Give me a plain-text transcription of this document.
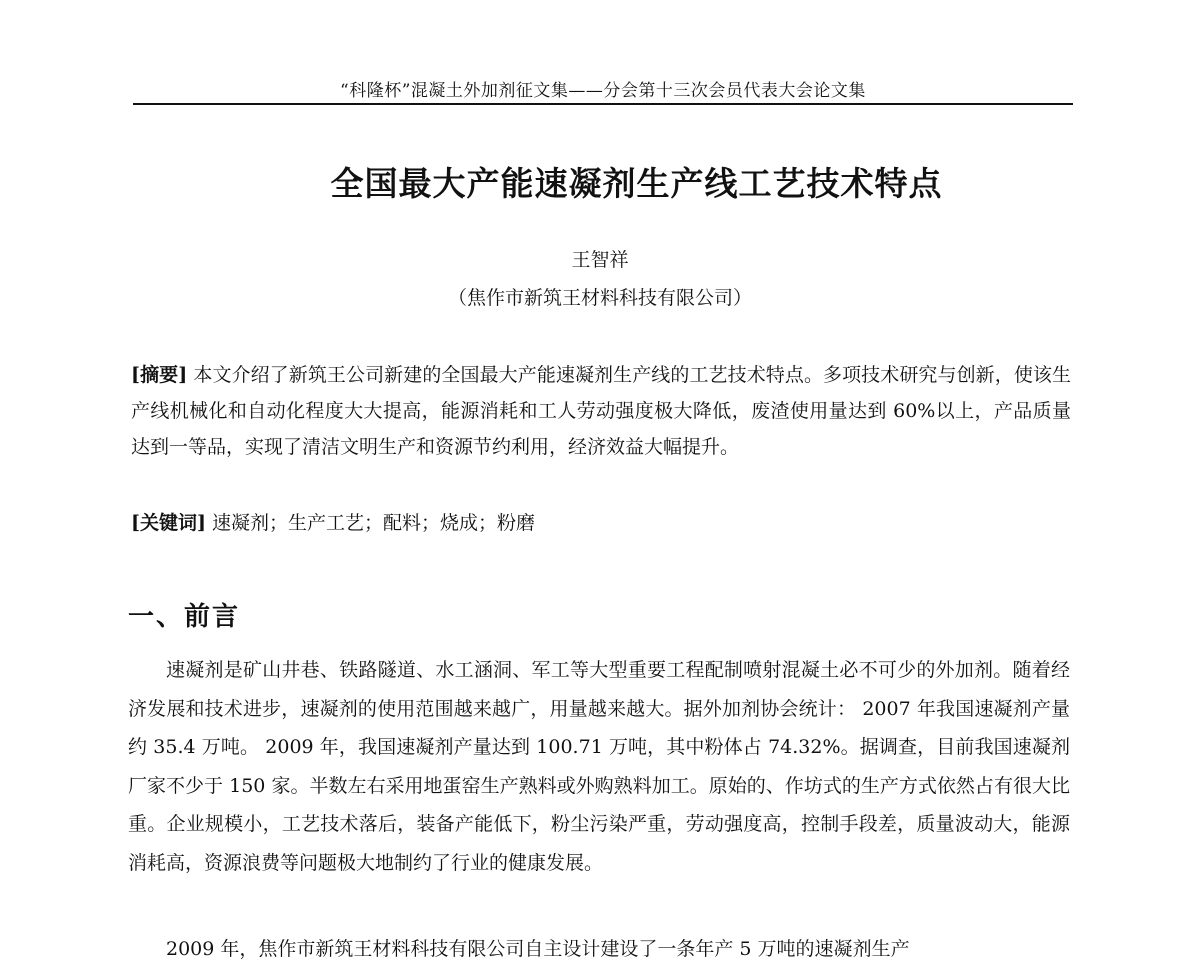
“科隆杯”混凝土外加剂征文集——分会第十三次会员代表大会论文集
全国最大产能速凝剂生产线工艺技术特点
王智祥
（焦作市新筑王材料科技有限公司）
[摘要] 本文介绍了新筑王公司新建的全国最大产能速凝剂生产线的工艺技术特点。多项技术研究与创新，使该生产线机械化和自动化程度大大提高，能源消耗和工人劳动强度极大降低，废渣使用量达到 60%以上，产品质量达到一等品，实现了清洁文明生产和资源节约利用，经济效益大幅提升。
[关键词] 速凝剂；生产工艺；配料；烧成；粉磨
一、前言
速凝剂是矿山井巷、铁路隧道、水工涵洞、军工等大型重要工程配制喷射混凝土必不可少的外加剂。随着经济发展和技术进步，速凝剂的使用范围越来越广，用量越来越大。据外加剂协会统计： 2007 年我国速凝剂产量约 35.4 万吨。 2009 年，我国速凝剂产量达到 100.71 万吨，其中粉体占 74.32%。据调查，目前我国速凝剂厂家不少于 150 家。半数左右采用地蛋窑生产熟料或外购熟料加工。原始的、作坊式的生产方式依然占有很大比重。企业规模小，工艺技术落后，装备产能低下，粉尘污染严重，劳动强度高，控制手段差，质量波动大，能源消耗高，资源浪费等问题极大地制约了行业的健康发展。
2009 年，焦作市新筑王材料科技有限公司自主设计建设了一条年产 5 万吨的速凝剂生产
